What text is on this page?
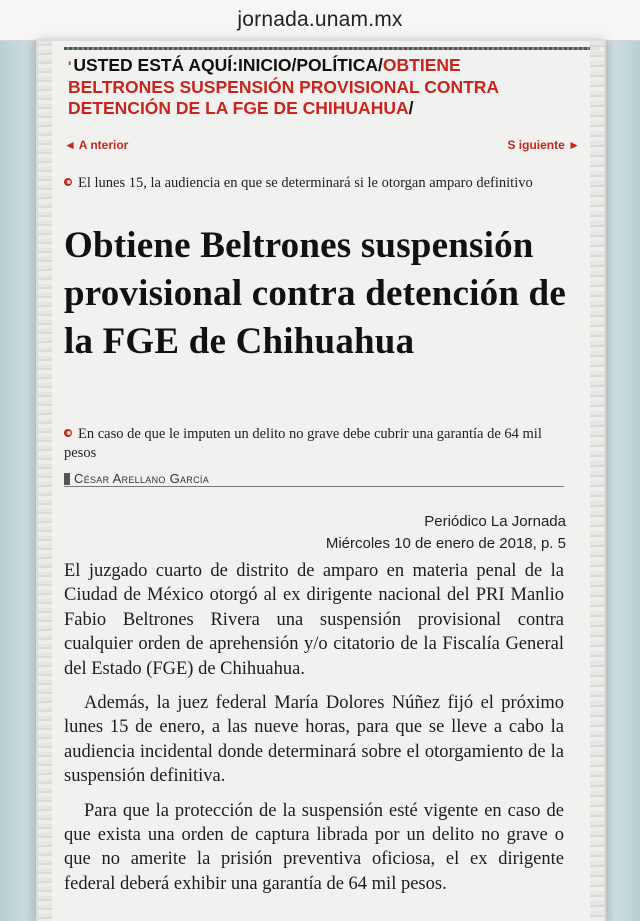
jornada.unam.mx
' USTED ESTÁ AQUÍ:INICIO/POLÍTICA/OBTIENE BELTRONES SUSPENSIÓN PROVISIONAL CONTRA DETENCIÓN DE LA FGE DE CHIHUAHUA/
◄ A nterior	S iguiente ►
El lunes 15, la audiencia en que se determinará si le otorgan amparo definitivo
Obtiene Beltrones suspensión provisional contra detención de la FGE de Chihuahua
En caso de que le imputen un delito no grave debe cubrir una garantía de 64 mil pesos
César Arellano García
Periódico La Jornada
Miércoles 10 de enero de 2018, p. 5

El juzgado cuarto de distrito de amparo en materia penal de la Ciudad de México otorgó al ex dirigente nacional del PRI Manlio Fabio Beltrones Rivera una suspensión provisional contra cualquier orden de aprehensión y/o citatorio de la Fiscalía General del Estado (FGE) de Chihuahua.

Además, la juez federal María Dolores Núñez fijó el próximo lunes 15 de enero, a las nueve horas, para que se lleve a cabo la audiencia incidental donde determinará sobre el otorgamiento de la suspensión definitiva.

Para que la protección de la suspensión esté vigente en caso de que exista una orden de captura librada por un delito no grave o que no amerite la prisión preventiva oficiosa, el ex dirigente federal deberá exhibir una garantía de 64 mil pesos.
